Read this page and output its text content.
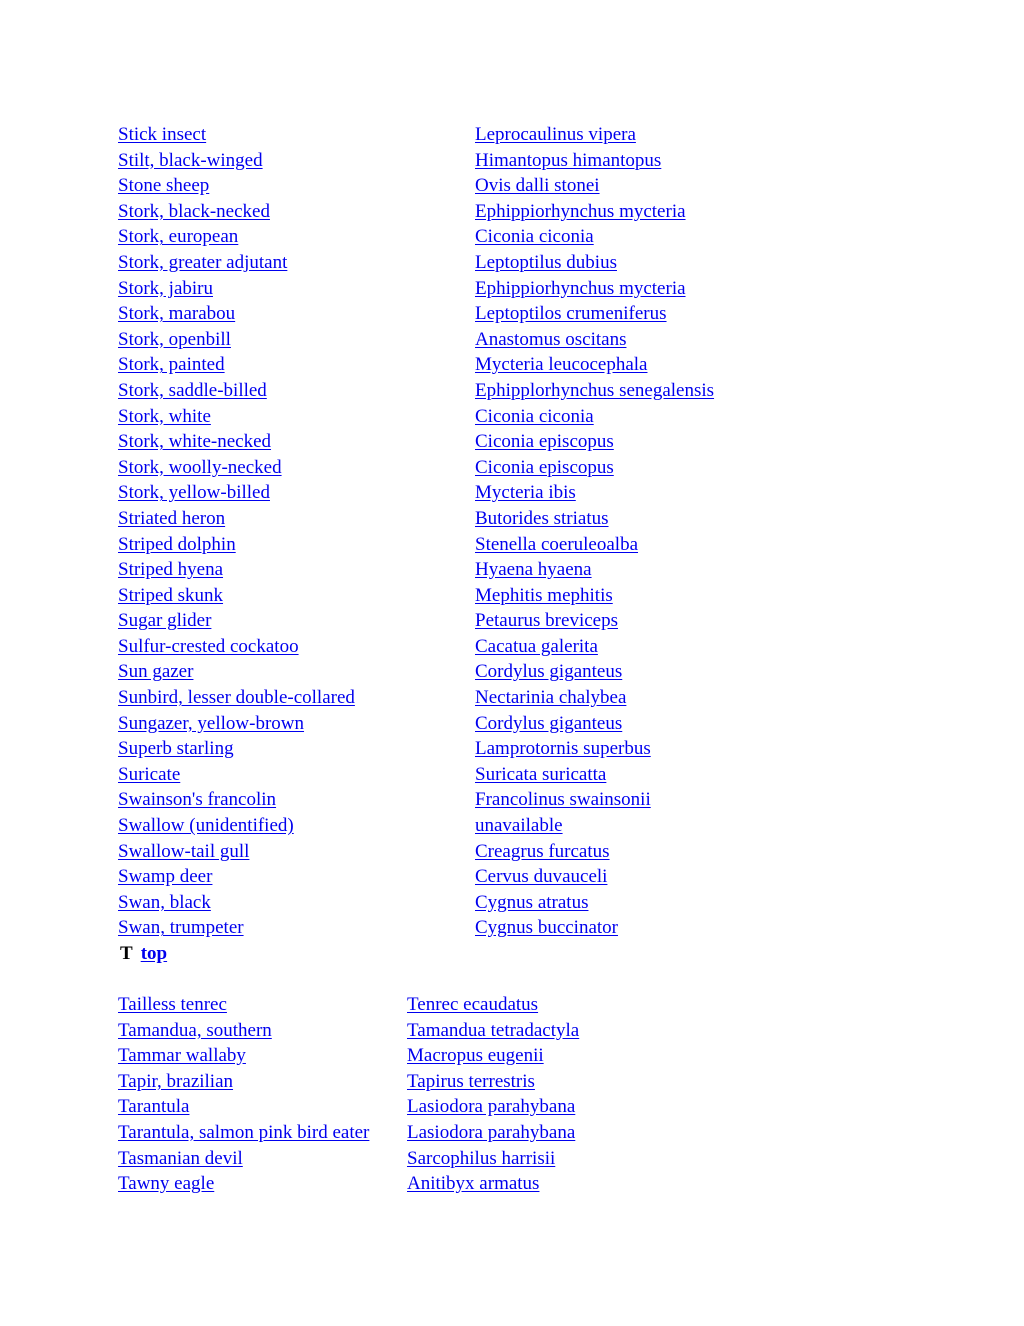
Stick insect	Leprocaulinus vipera
Stilt, black-winged	Himantopus himantopus
Stone sheep	Ovis dalli stonei
Stork, black-necked	Ephippiorhynchus mycteria
Stork, european	Ciconia ciconia
Stork, greater adjutant	Leptoptilus dubius
Stork, jabiru	Ephippiorhynchus mycteria
Stork, marabou	Leptoptilos crumeniferus
Stork, openbill	Anastomus oscitans
Stork, painted	Mycteria leucocephala
Stork, saddle-billed	Ephipplorhynchus senegalensis
Stork, white	Ciconia ciconia
Stork, white-necked	Ciconia episcopus
Stork, woolly-necked	Ciconia episcopus
Stork, yellow-billed	Mycteria ibis
Striated heron	Butorides striatus
Striped dolphin	Stenella coeruleoalba
Striped hyena	Hyaena hyaena
Striped skunk	Mephitis mephitis
Sugar glider	Petaurus breviceps
Sulfur-crested cockatoo	Cacatua galerita
Sun gazer	Cordylus giganteus
Sunbird, lesser double-collared	Nectarinia chalybea
Sungazer, yellow-brown	Cordylus giganteus
Superb starling	Lamprotornis superbus
Suricate	Suricata suricatta
Swainson's francolin	Francolinus swainsonii
Swallow (unidentified)	unavailable
Swallow-tail gull	Creagrus furcatus
Swamp deer	Cervus duvauceli
Swan, black	Cygnus atratus
Swan, trumpeter	Cygnus buccinator
T top
Tailless tenrec	Tenrec ecaudatus
Tamandua, southern	Tamandua tetradactyla
Tammar wallaby	Macropus eugenii
Tapir, brazilian	Tapirus terrestris
Tarantula	Lasiodora parahybana
Tarantula, salmon pink bird eater	Lasiodora parahybana
Tasmanian devil	Sarcophilus harrisii
Tawny eagle	Anitibyx armatus
